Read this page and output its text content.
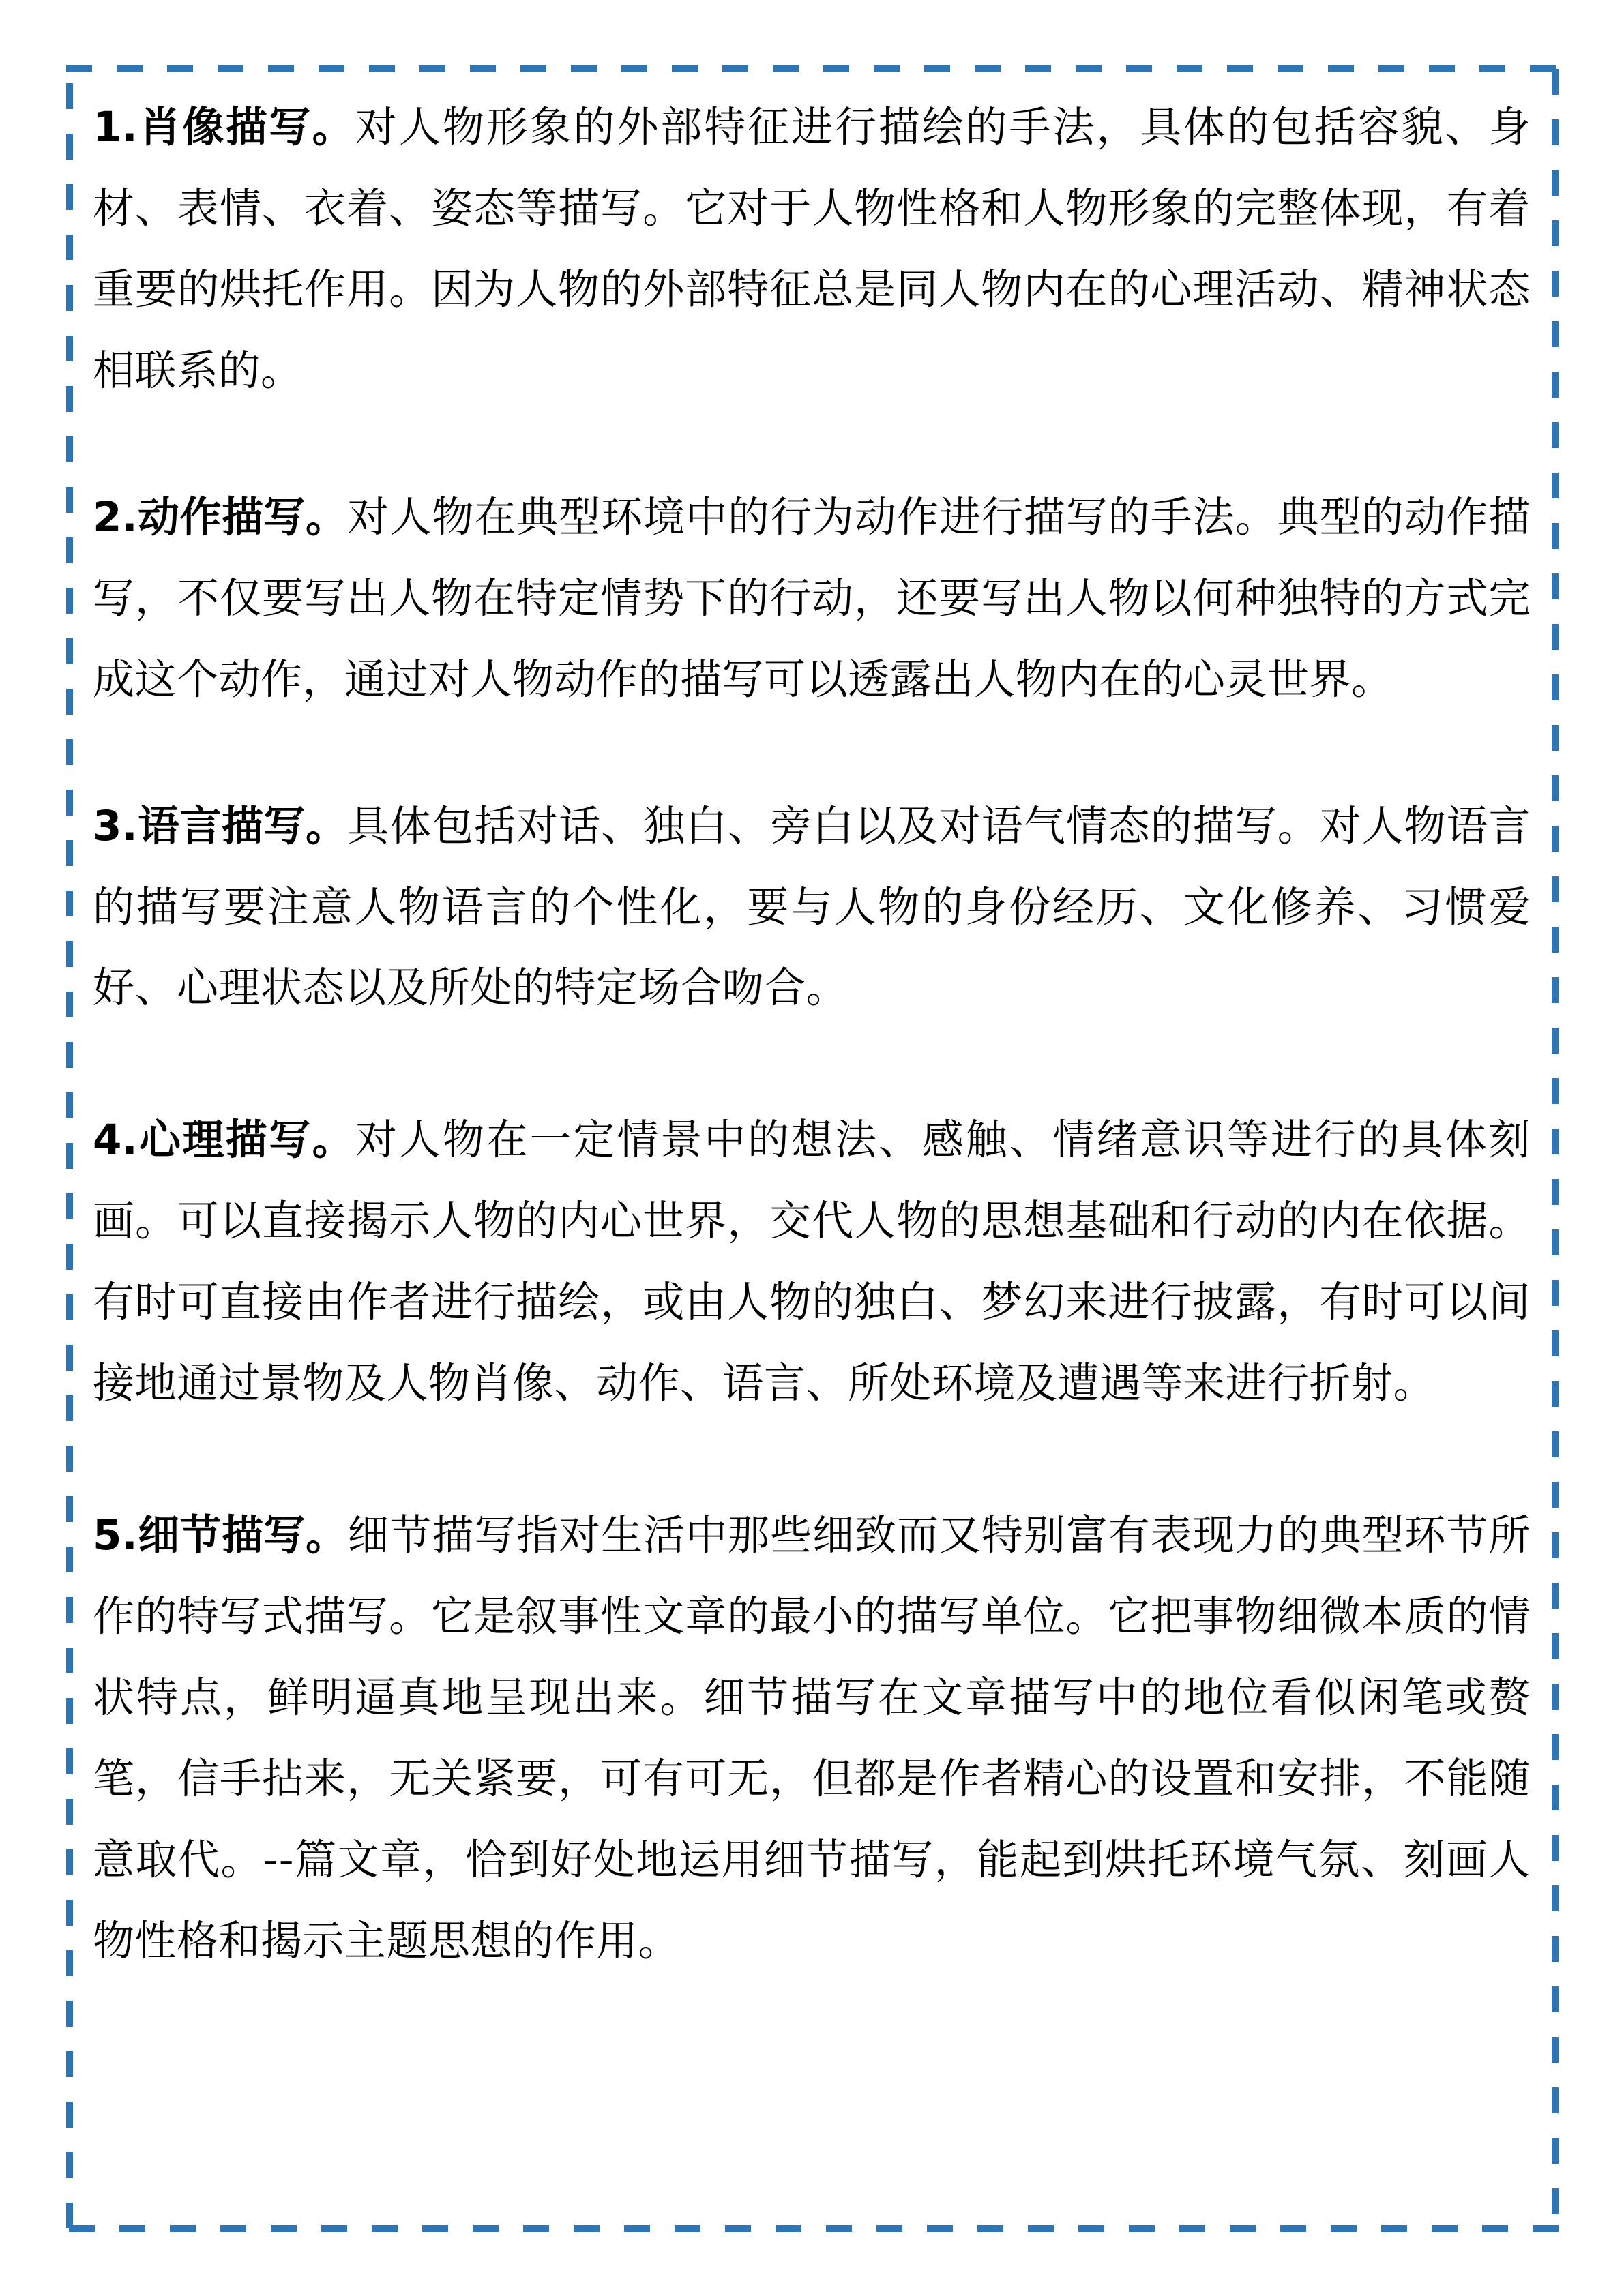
1.肖像描写。对人物形象的外部特征进行描绘的手法，具体的包括容貌、身材、表情、衣着、姿态等描写。它对于人物性格和人物形象的完整体现，有着重要的烘托作用。因为人物的外部特征总是同人物内在的心理活动、精神状态相联系的。

2.动作描写。对人物在典型环境中的行为动作进行描写的手法。典型的动作描写，不仅要写出人物在特定情势下的行动，还要写出人物以何种独特的方式完成这个动作，通过对人物动作的描写可以透露出人物内在的心灵世界。

3.语言描写。具体包括对话、独白、旁白以及对语气情态的描写。对人物语言的描写要注意人物语言的个性化，要与人物的身份经历、文化修养、习惯爱好、心理状态以及所处的特定场合吻合。

4.心理描写。对人物在一定情景中的想法、感触、情绪意识等进行的具体刻画。可以直接揭示人物的内心世界，交代人物的思想基础和行动的内在依据。有时可直接由作者进行描绘，或由人物的独白、梦幻来进行披露，有时可以间接地通过景物及人物肖像、动作、语言、所处环境及遭遇等来进行折射。

5.细节描写。细节描写指对生活中那些细致而又特别富有表现力的典型环节所作的特写式描写。它是叙事性文章的最小的描写单位。它把事物细微本质的情状特点，鲜明逼真地呈现出来。细节描写在文章描写中的地位看似闲笔或赘笔，信手拈来，无关紧要，可有可无，但都是作者精心的设置和安排，不能随意取代。--篇文章，恰到好处地运用细节描写，能起到烘托环境气氛、刻画人物性格和揭示主题思想的作用。
